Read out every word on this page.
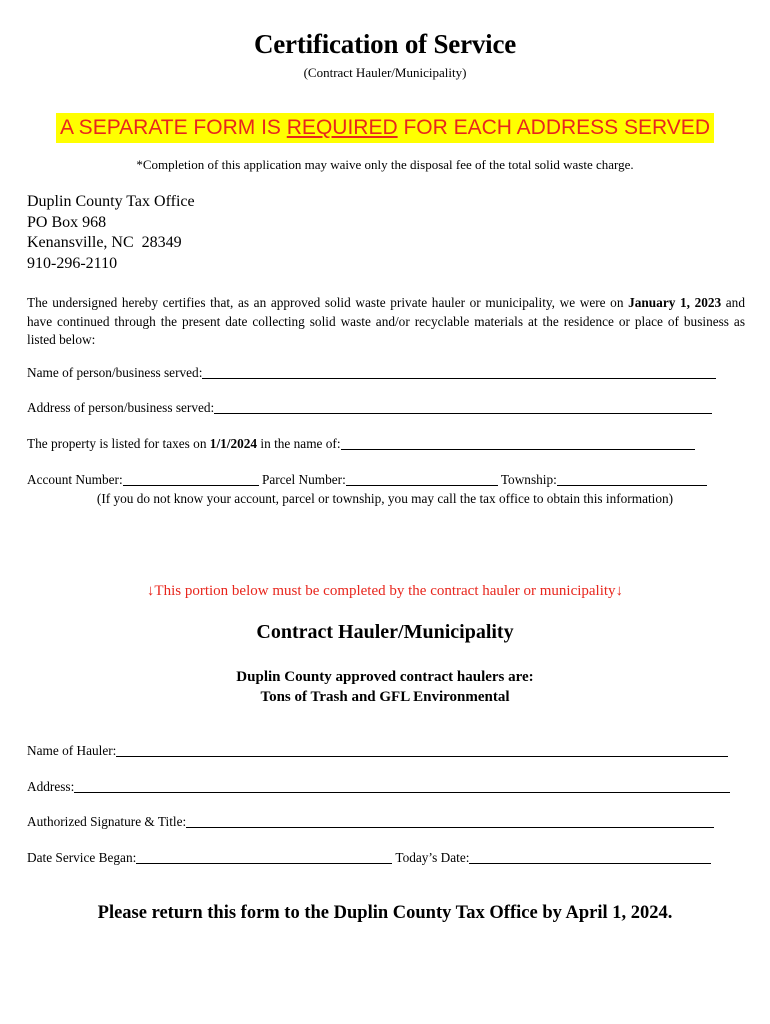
Certification of Service
(Contract Hauler/Municipality)
A SEPARATE FORM IS REQUIRED FOR EACH ADDRESS SERVED
*Completion of this application may waive only the disposal fee of the total solid waste charge.
Duplin County Tax Office
PO Box 968
Kenansville, NC  28349
910-296-2110
The undersigned hereby certifies that, as an approved solid waste private hauler or municipality, we were on January 1, 2023 and have continued through the present date collecting solid waste and/or recyclable materials at the residence or place of business as listed below:
Name of person/business served:
Address of person/business served:
The property is listed for taxes on 1/1/2024 in the name of:
Account Number:	Parcel Number:	Township:
(If you do not know your account, parcel or township, you may call the tax office to obtain this information)
↓This portion below must be completed by the contract hauler or municipality↓
Contract Hauler/Municipality
Duplin County approved contract haulers are:
Tons of Trash and GFL Environmental
Name of Hauler:
Address:
Authorized Signature & Title:
Date Service Began:	Today’s Date:
Please return this form to the Duplin County Tax Office by April 1, 2024.
